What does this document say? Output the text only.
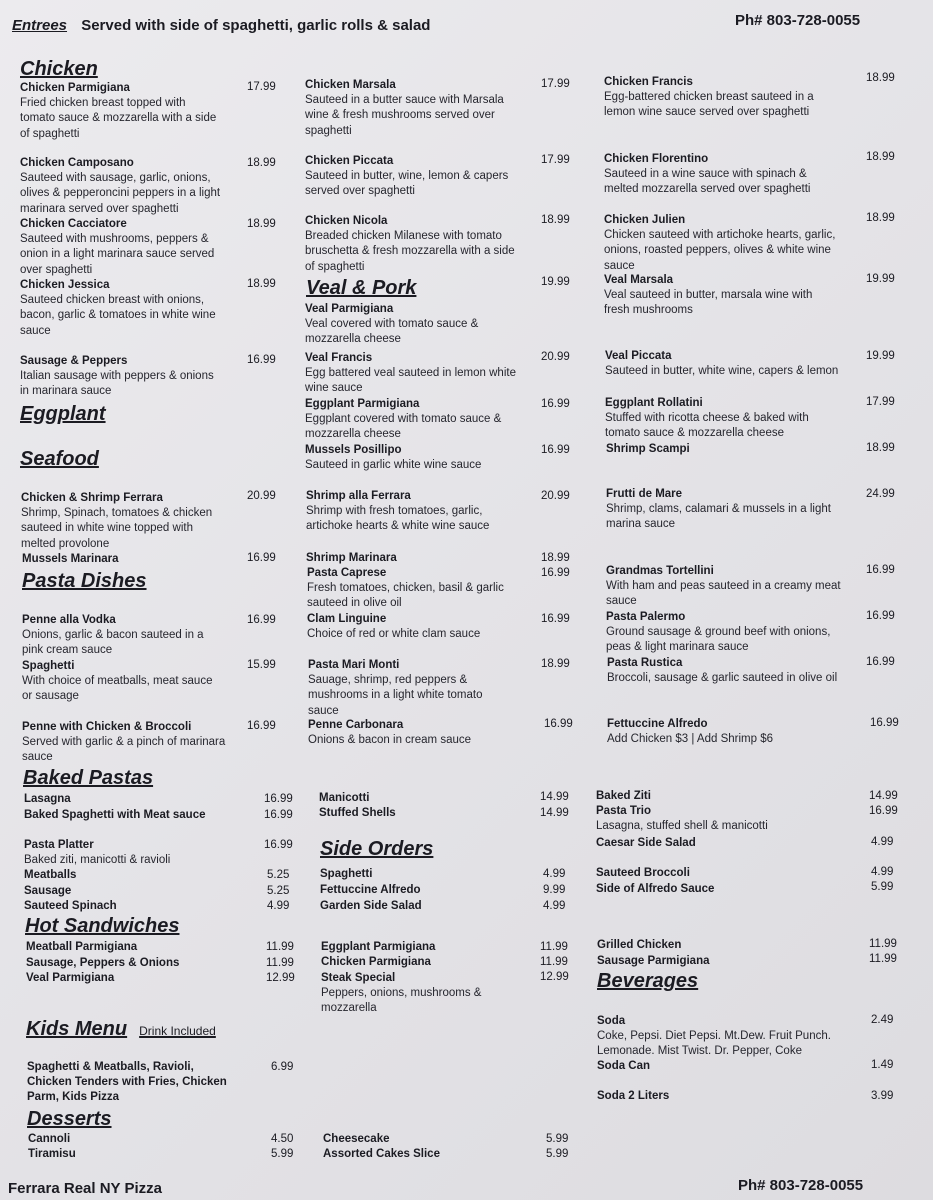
Entrees Served with side of spaghetti, garlic rolls & salad	Ph# 803-728-0055
Chicken
Eggplant
Seafood
Veal & Pork
Pasta Dishes
Baked Pastas
Side Orders
Hot Sandwiches
Kids Menu Drink Included
Beverages
Desserts
Ferrara Real NY Pizza	Ph# 803-728-0055
Chicken Parmigiana
Fried chicken breast topped with
tomato sauce & mozzarella with a side
of spaghetti
17.99
Chicken Camposano
Sauteed with sausage, garlic, onions,
olives & pepperoncini peppers in a light
marinara served over spaghetti
18.99
Chicken Cacciatore
Sauteed with mushrooms, peppers &
onion in a light marinara sauce served
over spaghetti
18.99
Chicken Jessica
Sauteed chicken breast with onions,
bacon, garlic & tomatoes in white wine
sauce
18.99
Sausage & Peppers
Italian sausage with peppers & onions
in marinara sauce
16.99
Chicken & Shrimp Ferrara
Shrimp, Spinach, tomatoes & chicken
sauteed in white wine topped with
melted provolone
20.99
Mussels Marinara	16.99
Penne alla Vodka
Onions, garlic & bacon sauteed in a
pink cream sauce
16.99
Spaghetti
With choice of meatballs, meat sauce
or sausage
15.99
Penne with Chicken & Broccoli
Served with garlic & a pinch of marinara
sauce
16.99
Chicken Marsala
Sauteed in a butter sauce with Marsala
wine & fresh mushrooms served over
spaghetti
17.99
Chicken Piccata
Sauteed in butter, wine, lemon & capers
served over spaghetti
17.99
Chicken Nicola
Breaded chicken Milanese with tomato
bruschetta & fresh mozzarella with a side
of spaghetti
18.99
Veal Parmigiana
Veal covered with tomato sauce &
mozzarella cheese
19.99
Veal Francis
Egg battered veal sauteed in lemon white
wine sauce
20.99
Eggplant Parmigiana
Eggplant covered with tomato sauce &
mozzarella cheese
16.99
Mussels Posillipo
Sauteed in garlic white wine sauce
16.99
Shrimp alla Ferrara
Shrimp with fresh tomatoes, garlic,
artichoke hearts & white wine sauce
20.99
Shrimp Marinara	18.99
Pasta Caprese
Fresh tomatoes, chicken, basil & garlic
sauteed in olive oil
16.99
Clam Linguine
Choice of red or white clam sauce
16.99
Pasta Mari Monti
Sauage, shrimp, red peppers &
mushrooms in a light white tomato
sauce
18.99
Penne Carbonara
Onions & bacon in cream sauce
16.99
Chicken Francis
Egg-battered chicken breast sauteed in a
lemon wine sauce served over spaghetti
18.99
Chicken Florentino
Sauteed in a wine sauce with spinach &
melted mozzarella served over spaghetti
18.99
Chicken Julien
Chicken sauteed with artichoke hearts, garlic,
onions, roasted peppers, olives & white wine
sauce
18.99
Veal Marsala
Veal sauteed in butter, marsala wine with
fresh mushrooms
19.99
Veal Piccata
Sauteed in butter, white wine, capers & lemon
19.99
Eggplant Rollatini
Stuffed with ricotta cheese & baked with
tomato sauce & mozzarella cheese
17.99
Shrimp Scampi	18.99
Frutti de Mare
Shrimp, clams, calamari & mussels in a light
marina sauce
24.99
Grandmas Tortellini
With ham and peas sauteed in a creamy meat
sauce
16.99
Pasta Palermo
Ground sausage & ground beef with onions,
peas & light marinara sauce
16.99
Pasta Rustica
Broccoli, sausage & garlic sauteed in olive oil
16.99
Fettuccine Alfredo
Add Chicken $3 | Add Shrimp $6
16.99
Lasagna	16.99
Baked Spaghetti with Meat sauce	16.99
Pasta Platter
Baked ziti, manicotti & ravioli
16.99
Meatballs	5.25
Sausage	5.25
Sauteed Spinach	4.99
Meatball Parmigiana	11.99
Sausage, Peppers & Onions	11.99
Veal Parmigiana	12.99
Spaghetti & Meatballs, Ravioli,
Chicken Tenders with Fries, Chicken
Parm, Kids Pizza
6.99
Cannoli	4.50
Tiramisu	5.99
Manicotti	14.99
Stuffed Shells	14.99
Spaghetti	4.99
Fettuccine Alfredo	9.99
Garden Side Salad	4.99
Eggplant Parmigiana	11.99
Chicken Parmigiana	11.99
Steak Special
Peppers, onions, mushrooms &
mozzarella
12.99
Cheesecake	5.99
Assorted Cakes Slice	5.99
Baked Ziti	14.99
Pasta Trio
Lasagna, stuffed shell & manicotti
16.99
Caesar Side Salad	4.99
Sauteed Broccoli	4.99
Side of Alfredo Sauce	5.99
Grilled Chicken	11.99
Sausage Parmigiana	11.99
Soda
Coke, Pepsi. Diet Pepsi. Mt.Dew. Fruit Punch.
Lemonade. Mist Twist. Dr. Pepper, Coke
2.49
Soda Can	1.49
Soda 2 Liters	3.99
